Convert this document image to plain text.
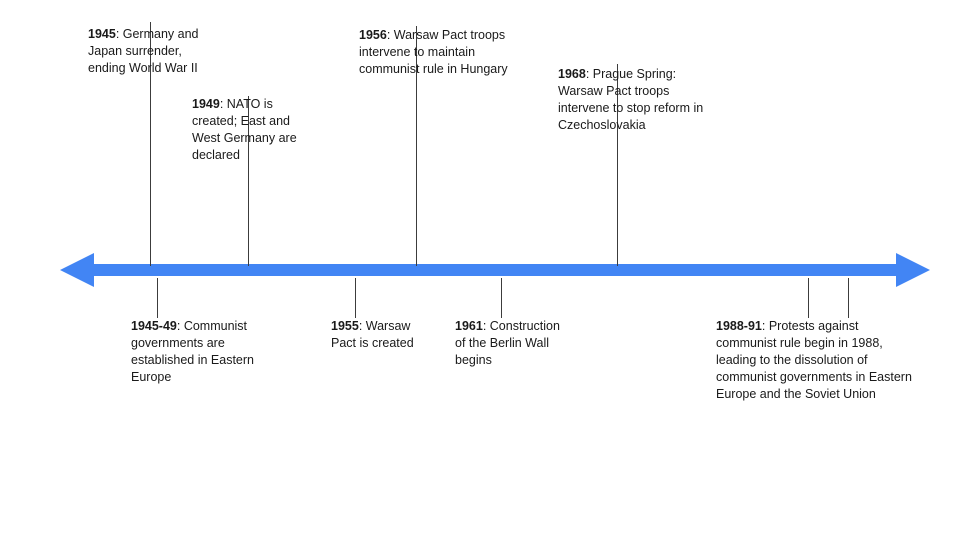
1945: Germany and Japan surrender, ending World War II
1949: NATO is created; East and West Germany are declared
1956: Warsaw Pact troops intervene to maintain communist rule in Hungary	1968: Prague Spring: Warsaw Pact troops intervene to stop reform in Czechoslovakia
1945-49: Communist governments are established in Eastern Europe
1955: Warsaw Pact is created
1961: Construction of the Berlin Wall begins
1988-91: Protests against communist rule begin in 1988, leading to the dissolution of communist governments in Eastern Europe and the Soviet Union
